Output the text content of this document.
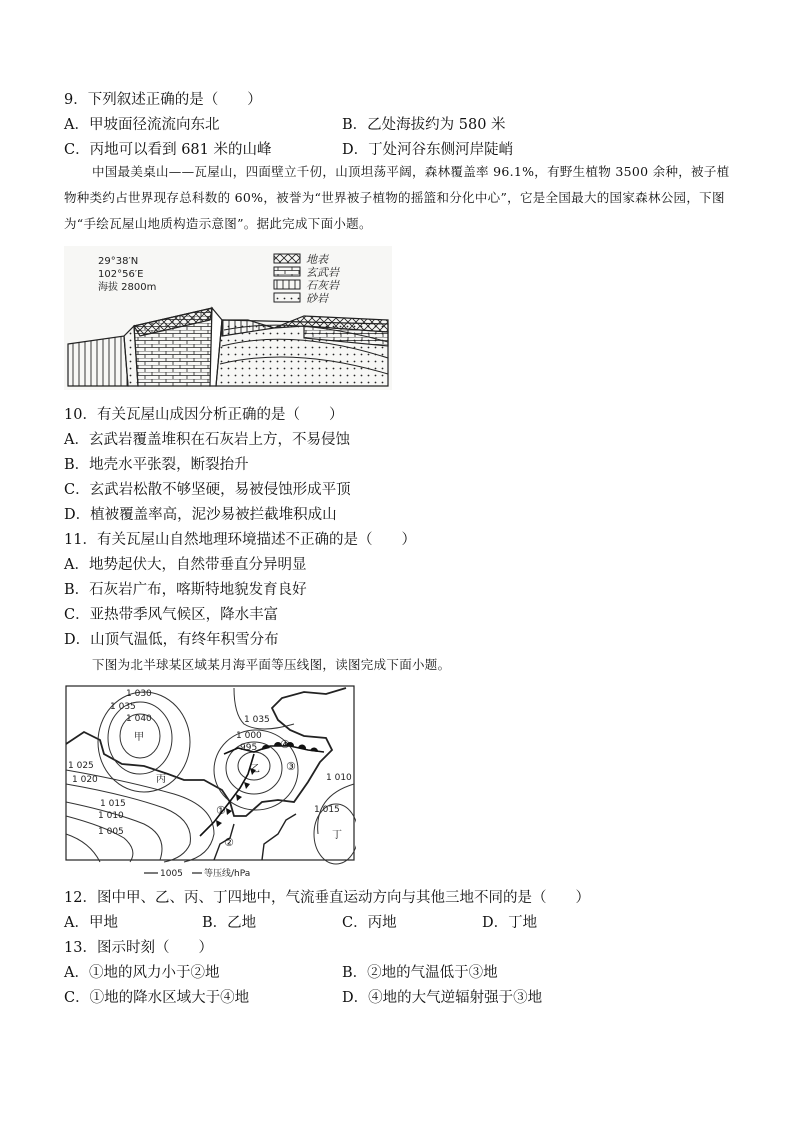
9．下列叙述正确的是（　　）
A．甲坡面径流流向东北	B．乙处海拔约为 580 米
C．丙地可以看到 681 米的山峰	D．丁处河谷东侧河岸陡峭
中国最美桌山——瓦屋山，四面壁立千仞，山顶坦荡平阔，森林覆盖率 96.1%，有野生植物 3500 余种，被子植物种类约占世界现存总科数的 60%，被誉为“世界被子植物的摇篮和分化中心”，它是全国最大的国家森林公园，下图为“手绘瓦屋山地质构造示意图”。据此完成下面小题。
29°38′N
102°56′E
海拔 2800m
地表
玄武岩
石灰岩
砂岩
10．有关瓦屋山成因分析正确的是（　　）
A．玄武岩覆盖堆积在石灰岩上方，不易侵蚀
B．地壳水平张裂，断裂抬升
C．玄武岩松散不够坚硬，易被侵蚀形成平顶
D．植被覆盖率高，泥沙易被拦截堆积成山
11．有关瓦屋山自然地理环境描述不正确的是（　　）
A．地势起伏大，自然带垂直分异明显
B．石灰岩广布，喀斯特地貌发育良好
C．亚热带季风气候区，降水丰富
D．山顶气温低，有终年积雪分布
下图为北半球某区域某月海平面等压线图，读图完成下面小题。
1 030
1 035
1 040
1 025
1 020
1 015
1 010
1 005
1 035
1 000
995
1 010
1 015
甲
乙
丙
丁
①
②
③
④
1005 等压线/hPa
12．图中甲、乙、丙、丁四地中，气流垂直运动方向与其他三地不同的是（　　）
A．甲地	B．乙地	C．丙地	D．丁地
13．图示时刻（　　）
A．①地的风力小于②地	B．②地的气温低于③地
C．①地的降水区域大于④地	D．④地的大气逆辐射强于③地
